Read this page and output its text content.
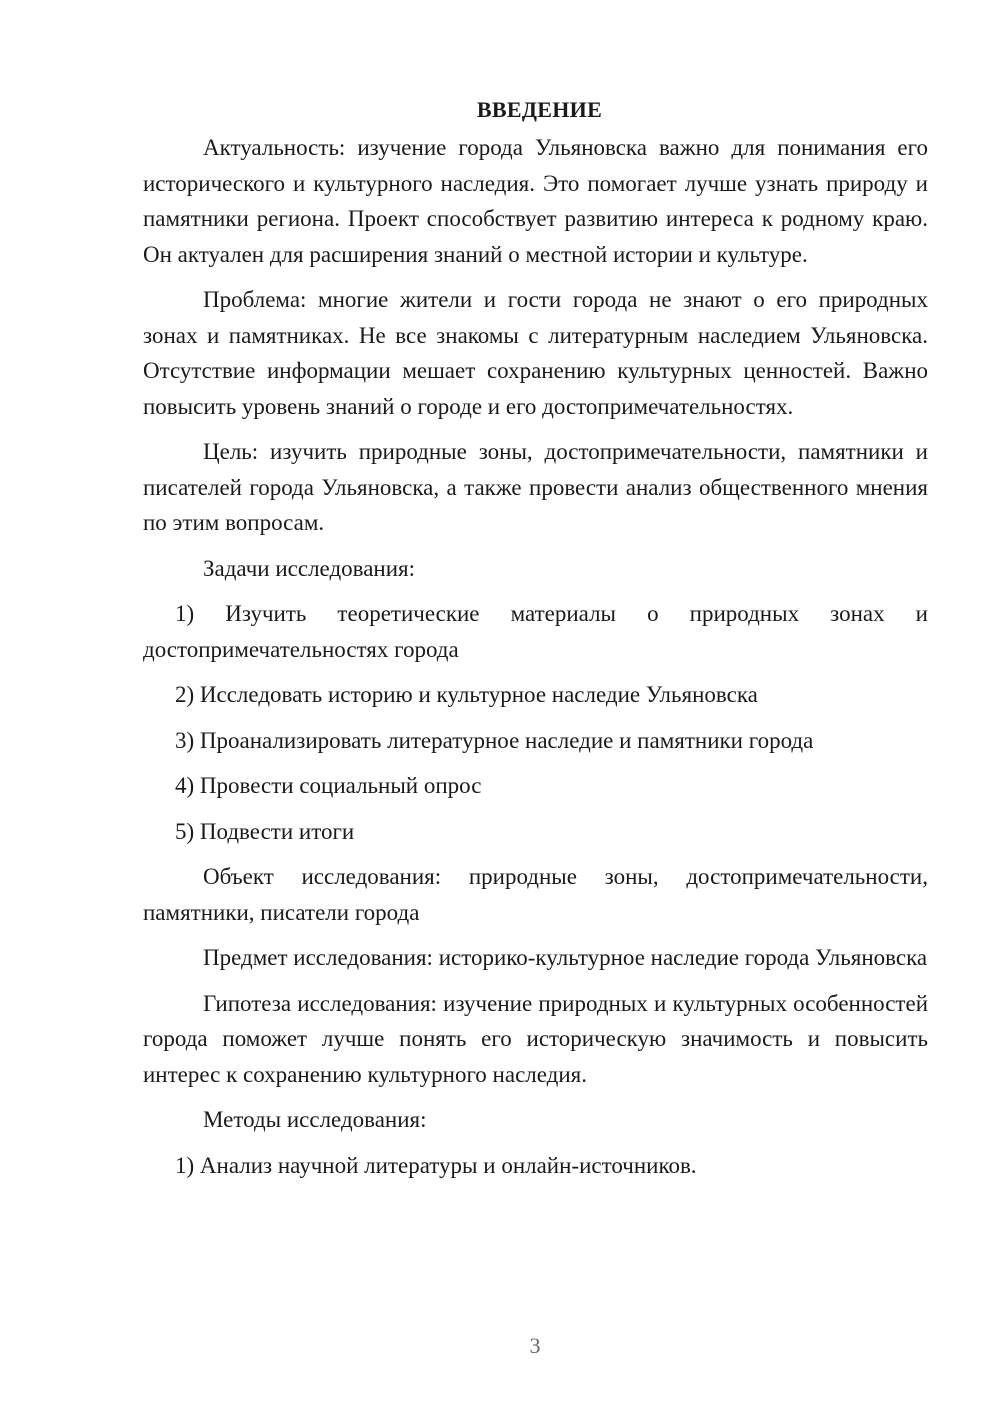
ВВЕДЕНИЕ

Актуальность: изучение города Ульяновска важно для понимания его исторического и культурного наследия. Это помогает лучше узнать природу и памятники региона. Проект способствует развитию интереса к родному краю. Он актуален для расширения знаний о местной истории и культуре.

Проблема: многие жители и гости города не знают о его природных зонах и памятниках. Не все знакомы с литературным наследием Ульяновска. Отсутствие информации мешает сохранению культурных ценностей. Важно повысить уровень знаний о городе и его достопримечательностях.

Цель: изучить природные зоны, достопримечательности, памятники и писателей города Ульяновска, а также провести анализ общественного мнения по этим вопросам.

Задачи исследования:

1) Изучить теоретические материалы о природных зонах и достопримечательностях города

2) Исследовать историю и культурное наследие Ульяновска

3) Проанализировать литературное наследие и памятники города

4) Провести социальный опрос

5) Подвести итоги

Объект исследования: природные зоны, достопримечательности, памятники, писатели города

Предмет исследования: историко-культурное наследие города Ульяновска

Гипотеза исследования: изучение природных и культурных особенностей города поможет лучше понять его историческую значимость и повысить интерес к сохранению культурного наследия.

Методы исследования:

1) Анализ научной литературы и онлайн-источников.

3
